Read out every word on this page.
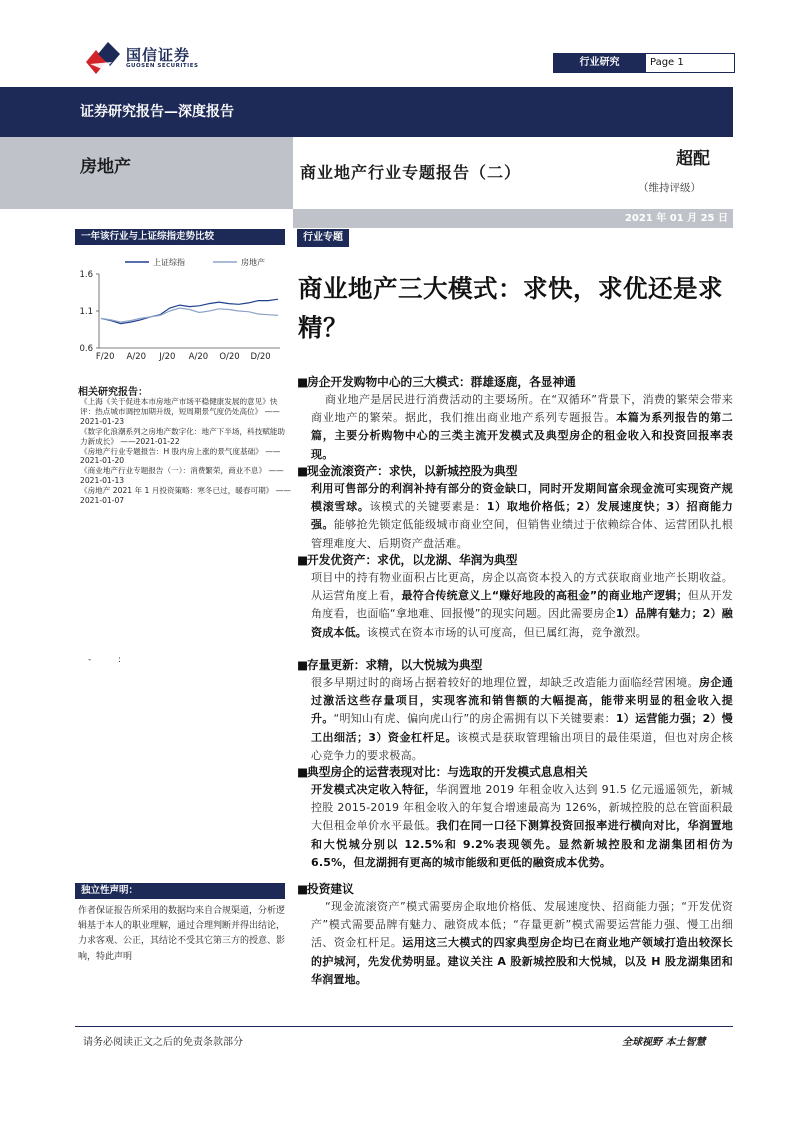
国信证券
GUOSEN SECURITIES	行业研究	Page 1
证券研究报告—深度报告
房地产	商业地产行业专题报告（二）
超配
（维持评级）
2021 年 01 月 25 日
一年该行业与上证综指走势比较
1.6
1.1
0.6
F/20 A/20 J/20 A/20 O/20 D/20
上证综指	房地产
相关研究报告：
《上海《关于促进本市房地产市场平稳健康发展的意见》快评：热点城市调控加期升级，短周期景气度仍处高位》 ——2021-01-23
《数字化浪潮系列之房地产数字化：地产下半场，科技赋能助力新成长》 ——2021-01-22
《房地产行业专题报告：H 股内房上涨的景气度基础》 ——2021-01-20
《商业地产行业专题报告（一）：消费繁荣，商业不息》 ——2021-01-13
《房地产 2021 年 1 月投资策略：寒冬已过，暖春可期》 ——2021-01-07
-	:
独立性声明：
作者保证报告所采用的数据均来自合规渠道，分析逻辑基于本人的职业理解，通过合理判断并得出结论，力求客观、公正，其结论不受其它第三方的授意、影响，特此声明
行业专题
商业地产三大模式：求快，求优还是求精？
■房企开发购物中心的三大模式：群雄逐鹿，各显神通

商业地产是居民进行消费活动的主要场所。在“双循环”背景下，消费的繁荣会带来商业地产的繁荣。据此，我们推出商业地产系列专题报告。本篇为系列报告的第二篇，主要分析购物中心的三类主流开发模式及典型房企的租金收入和投资回报率表现。

■现金流滚资产：求快，以新城控股为典型

利用可售部分的利润补持有部分的资金缺口，同时开发期间富余现金流可实现资产规模滚雪球。该模式的关键要素是：1）取地价格低；2）发展速度快；3）招商能力强。能够抢先锁定低能级城市商业空间，但销售业绩过于依赖综合体、运营团队扎根管理难度大、后期资产盘活难。

■开发优资产：求优，以龙湖、华润为典型

项目中的持有物业面积占比更高，房企以高资本投入的方式获取商业地产长期收益。从运营角度上看，最符合传统意义上“赚好地段的高租金”的商业地产逻辑；但从开发角度看，也面临“拿地难、回报慢”的现实问题。因此需要房企1）品牌有魅力；2）融资成本低。该模式在资本市场的认可度高，但已属红海，竞争激烈。

■存量更新：求精，以大悦城为典型

很多早期过时的商场占据着较好的地理位置，却缺乏改造能力面临经营困境。房企通过激活这些存量项目，实现客流和销售额的大幅提高，能带来明显的租金收入提升。“明知山有虎、偏向虎山行”的房企需拥有以下关键要素：1）运营能力强；2）慢工出细活；3）资金杠杆足。该模式是获取管理输出项目的最佳渠道，但也对房企核心竞争力的要求极高。

■典型房企的运营表现对比：与选取的开发模式息息相关

开发模式决定收入特征，华润置地 2019 年租金收入达到 91.5 亿元遥遥领先，新城控股 2015-2019 年租金收入的年复合增速最高为 126%，新城控股的总在管面积最大但租金单价水平最低。我们在同一口径下测算投资回报率进行横向对比，华润置地和大悦城分别以 12.5%和 9.2%表现领先。显然新城控股和龙湖集团相仿为 6.5%，但龙湖拥有更高的城市能级和更低的融资成本优势。

■投资建议

“现金流滚资产”模式需要房企取地价格低、发展速度快、招商能力强；“开发优资产”模式需要品牌有魅力、融资成本低；“存量更新”模式需要运营能力强、慢工出细活、资金杠杆足。运用这三大模式的四家典型房企均已在商业地产领域打造出较深长的护城河，先发优势明显。建议关注 A 股新城控股和大悦城，以及 H 股龙湖集团和华润置地。

请务必阅读正文之后的免责条款部分	全球视野 本土智慧
